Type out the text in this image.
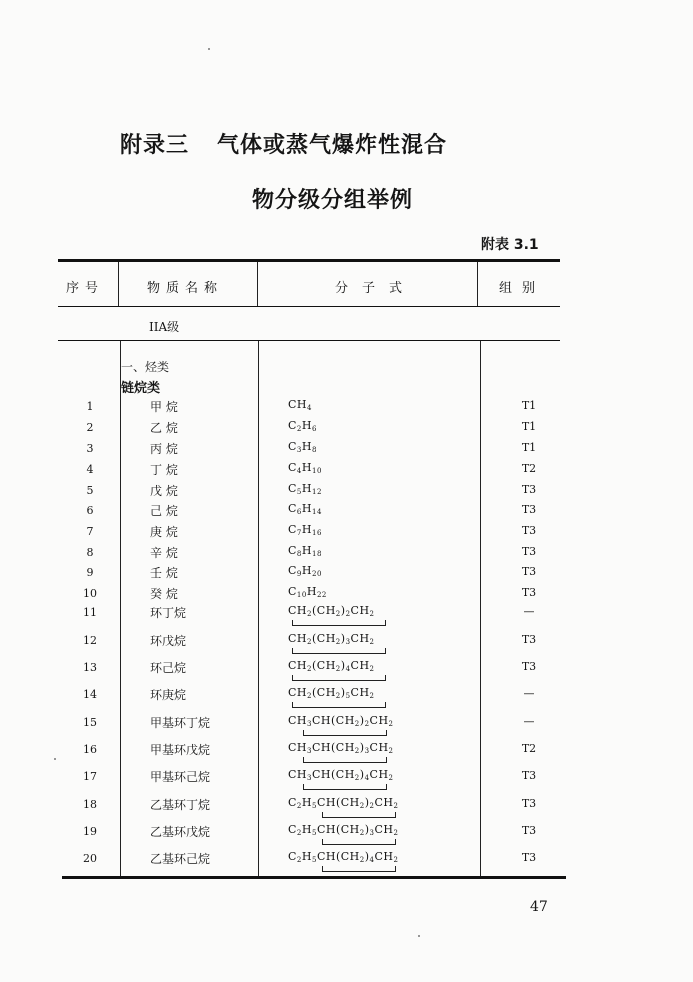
附录三 气体或蒸气爆炸性混合
物分级分组举例
附表 3.1
序号	物质名称	分子式	组别
IIA级
一、烃类
链烷类
1	甲 烷	$CH_4$	T1
2	乙 烷	$C_2H_6$	T1
3	丙 烷	$C_3H_8$	T1
4	丁 烷	$C_4H_{10}$	T2
5	戊 烷	$C_5H_{12}$	T3
6	己 烷	$C_6H_{14}$	T3
7	庚 烷	$C_7H_{16}$	T3
8	辛 烷	$C_8H_{18}$	T3
9	壬 烷	$C_9H_{20}$	T3
10	癸 烷	$C_{10}H_{22}$	T3
11	环丁烷	$CH_2(CH_2)_2CH_2$	—
12	环戊烷	$CH_2(CH_2)_3CH_2$	T3
13	环己烷	$CH_2(CH_2)_4CH_2$	T3
14	环庚烷	$CH_2(CH_2)_5CH_2$	—
15	甲基环丁烷	$CH_3CH(CH_2)_2CH_2$	—
16	甲基环戊烷	$CH_3CH(CH_2)_3CH_2$	T2
17	甲基环己烷	$CH_3CH(CH_2)_4CH_2$	T3
18	乙基环丁烷	$C_2H_5CH(CH_2)_2CH_2$	T3
19	乙基环戊烷	$C_2H_5CH(CH_2)_3CH_2$	T3
20	乙基环己烷	$C_2H_5CH(CH_2)_4CH_2$	T3
47
